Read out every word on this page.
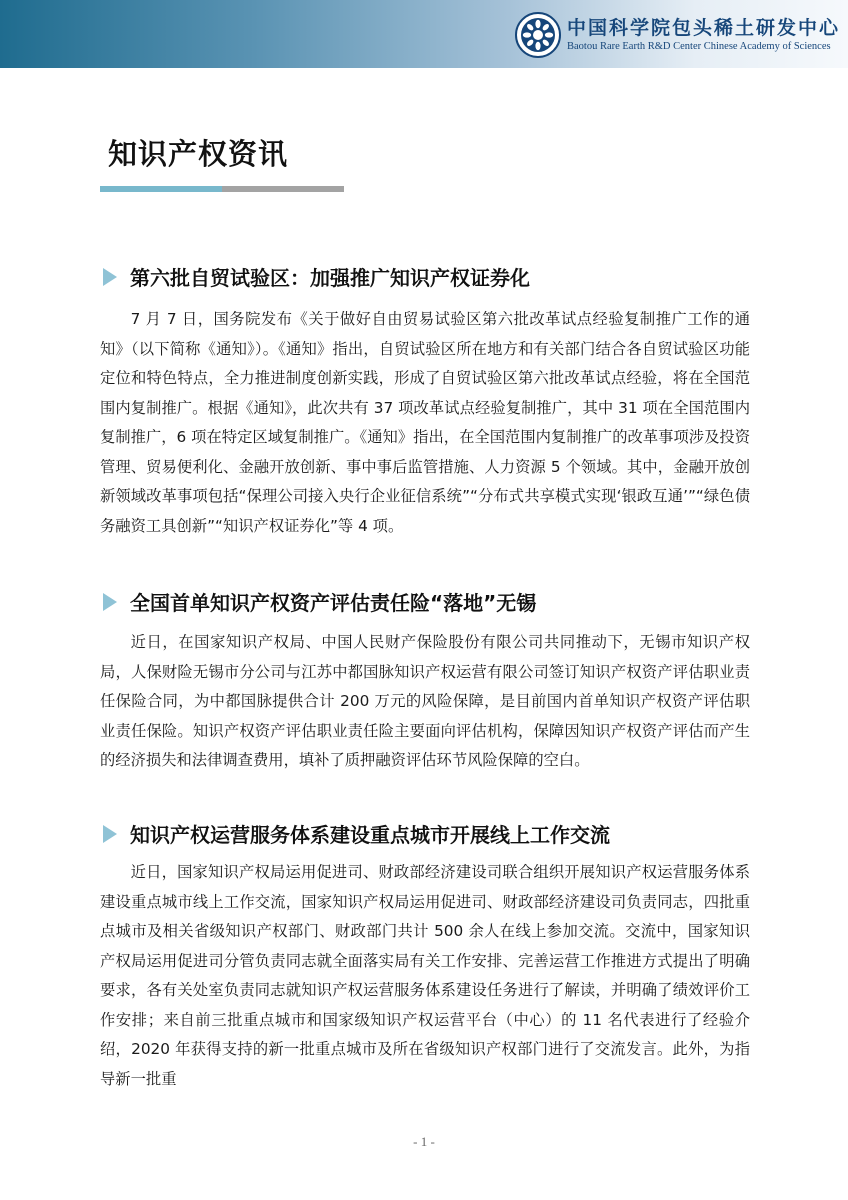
中国科学院包头稀土研发中心
Baotou Rare Earth R&D Center Chinese Academy of Sciences
知识产权资讯
第六批自贸试验区：加强推广知识产权证券化

7 月 7 日，国务院发布《关于做好自由贸易试验区第六批改革试点经验复制推广工作的通知》（以下简称《通知》）。《通知》指出，自贸试验区所在地方和有关部门结合各自贸试验区功能定位和特色特点，全力推进制度创新实践，形成了自贸试验区第六批改革试点经验，将在全国范围内复制推广。根据《通知》，此次共有 37 项改革试点经验复制推广，其中 31 项在全国范围内复制推广，6 项在特定区域复制推广。《通知》指出，在全国范围内复制推广的改革事项涉及投资管理、贸易便利化、金融开放创新、事中事后监管措施、人力资源 5 个领域。其中，金融开放创新领域改革事项包括“保理公司接入央行企业征信系统”“分布式共享模式实现‘银政互通’”“绿色债务融资工具创新”“知识产权证券化”等 4 项。

全国首单知识产权资产评估责任险“落地”无锡

近日，在国家知识产权局、中国人民财产保险股份有限公司共同推动下，无锡市知识产权局，人保财险无锡市分公司与江苏中都国脉知识产权运营有限公司签订知识产权资产评估职业责任保险合同，为中都国脉提供合计 200 万元的风险保障，是目前国内首单知识产权资产评估职业责任保险。知识产权资产评估职业责任险主要面向评估机构，保障因知识产权资产评估而产生的经济损失和法律调查费用，填补了质押融资评估环节风险保障的空白。

知识产权运营服务体系建设重点城市开展线上工作交流

近日，国家知识产权局运用促进司、财政部经济建设司联合组织开展知识产权运营服务体系建设重点城市线上工作交流，国家知识产权局运用促进司、财政部经济建设司负责同志，四批重点城市及相关省级知识产权部门、财政部门共计 500 余人在线上参加交流。交流中，国家知识产权局运用促进司分管负责同志就全面落实局有关工作安排、完善运营工作推进方式提出了明确要求，各有关处室负责同志就知识产权运营服务体系建设任务进行了解读，并明确了绩效评价工作安排；来自前三批重点城市和国家级知识产权运营平台（中心）的 11 名代表进行了经验介绍，2020 年获得支持的新一批重点城市及所在省级知识产权部门进行了交流发言。此外，为指导新一批重

- 1 -
